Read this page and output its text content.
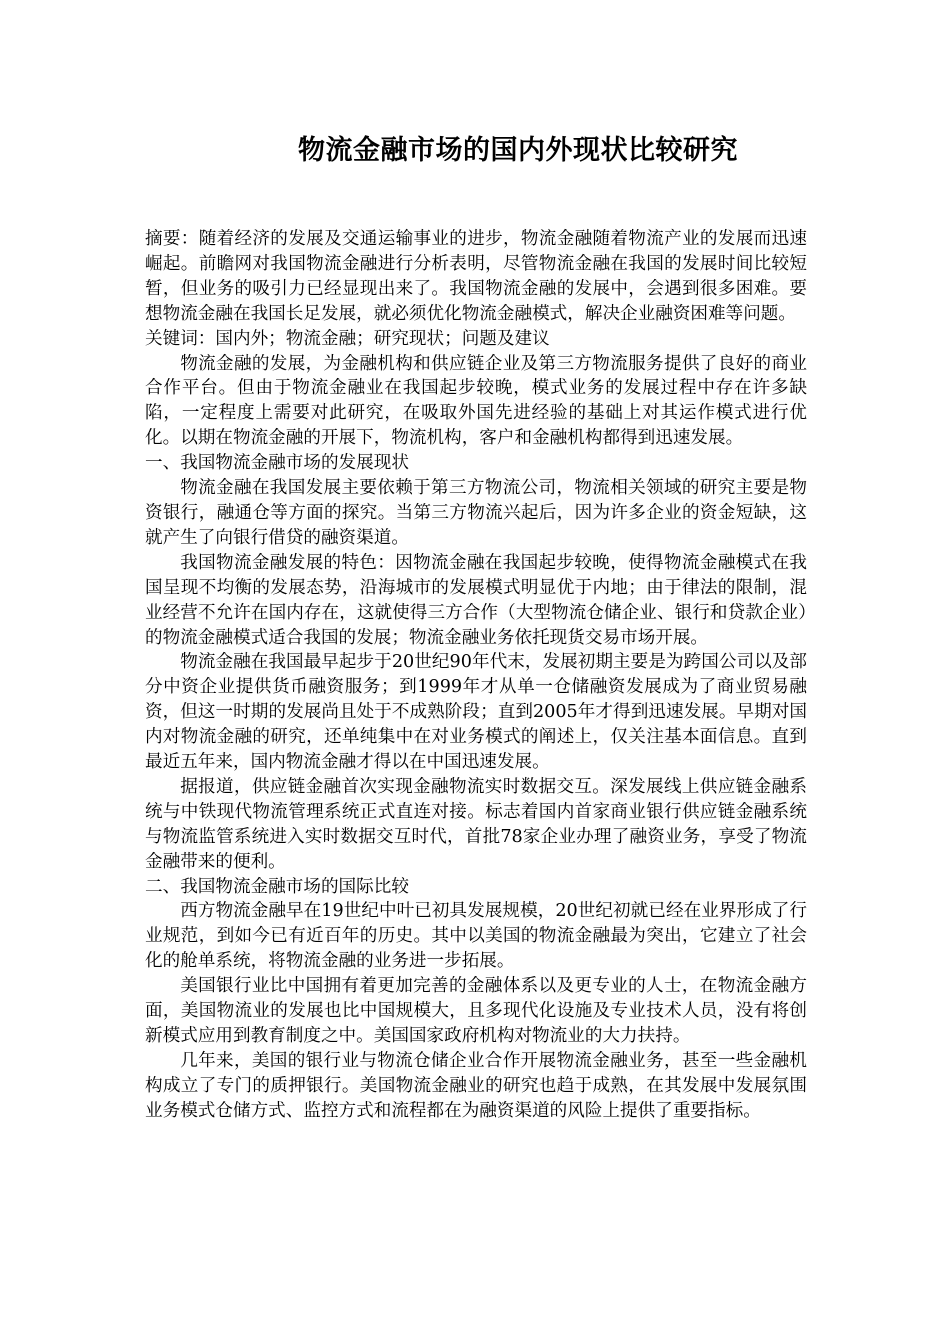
物流金融市场的国内外现状比较研究

摘要：随着经济的发展及交通运输事业的进步，物流金融随着物流产业的发展而迅速崛起。前瞻网对我国物流金融进行分析表明，尽管物流金融在我国的发展时间比较短暂，但业务的吸引力已经显现出来了。我国物流金融的发展中，会遇到很多困难。要想物流金融在我国长足发展，就必须优化物流金融模式，解决企业融资困难等问题。

关键词：国内外；物流金融；研究现状；问题及建议

物流金融的发展，为金融机构和供应链企业及第三方物流服务提供了良好的商业合作平台。但由于物流金融业在我国起步较晚，模式业务的发展过程中存在许多缺陷，一定程度上需要对此研究，在吸取外国先进经验的基础上对其运作模式进行优化。以期在物流金融的开展下，物流机构，客户和金融机构都得到迅速发展。

一、我国物流金融市场的发展现状

物流金融在我国发展主要依赖于第三方物流公司，物流相关领域的研究主要是物资银行，融通仓等方面的探究。当第三方物流兴起后，因为许多企业的资金短缺，这就产生了向银行借贷的融资渠道。

我国物流金融发展的特色：因物流金融在我国起步较晚，使得物流金融模式在我国呈现不均衡的发展态势，沿海城市的发展模式明显优于内地；由于律法的限制，混业经营不允许在国内存在，这就使得三方合作（大型物流仓储企业、银行和贷款企业）的物流金融模式适合我国的发展；物流金融业务依托现货交易市场开展。

物流金融在我国最早起步于20世纪90年代末，发展初期主要是为跨国公司以及部分中资企业提供货币融资服务；到1999年才从单一仓储融资发展成为了商业贸易融资，但这一时期的发展尚且处于不成熟阶段；直到2005年才得到迅速发展。早期对国内对物流金融的研究，还单纯集中在对业务模式的阐述上，仅关注基本面信息。直到最近五年来，国内物流金融才得以在中国迅速发展。

据报道，供应链金融首次实现金融物流实时数据交互。深发展线上供应链金融系统与中铁现代物流管理系统正式直连对接。标志着国内首家商业银行供应链金融系统与物流监管系统进入实时数据交互时代，首批78家企业办理了融资业务，享受了物流金融带来的便利。

二、我国物流金融市场的国际比较

西方物流金融早在19世纪中叶已初具发展规模，20世纪初就已经在业界形成了行业规范，到如今已有近百年的历史。其中以美国的物流金融最为突出，它建立了社会化的舱单系统，将物流金融的业务进一步拓展。

美国银行业比中国拥有着更加完善的金融体系以及更专业的人士，在物流金融方面，美国物流业的发展也比中国规模大，且多现代化设施及专业技术人员，没有将创新模式应用到教育制度之中。美国国家政府机构对物流业的大力扶持。

几年来，美国的银行业与物流仓储企业合作开展物流金融业务，甚至一些金融机构成立了专门的质押银行。美国物流金融业的研究也趋于成熟，在其发展中发展氛围业务模式仓储方式、监控方式和流程都在为融资渠道的风险上提供了重要指标。
